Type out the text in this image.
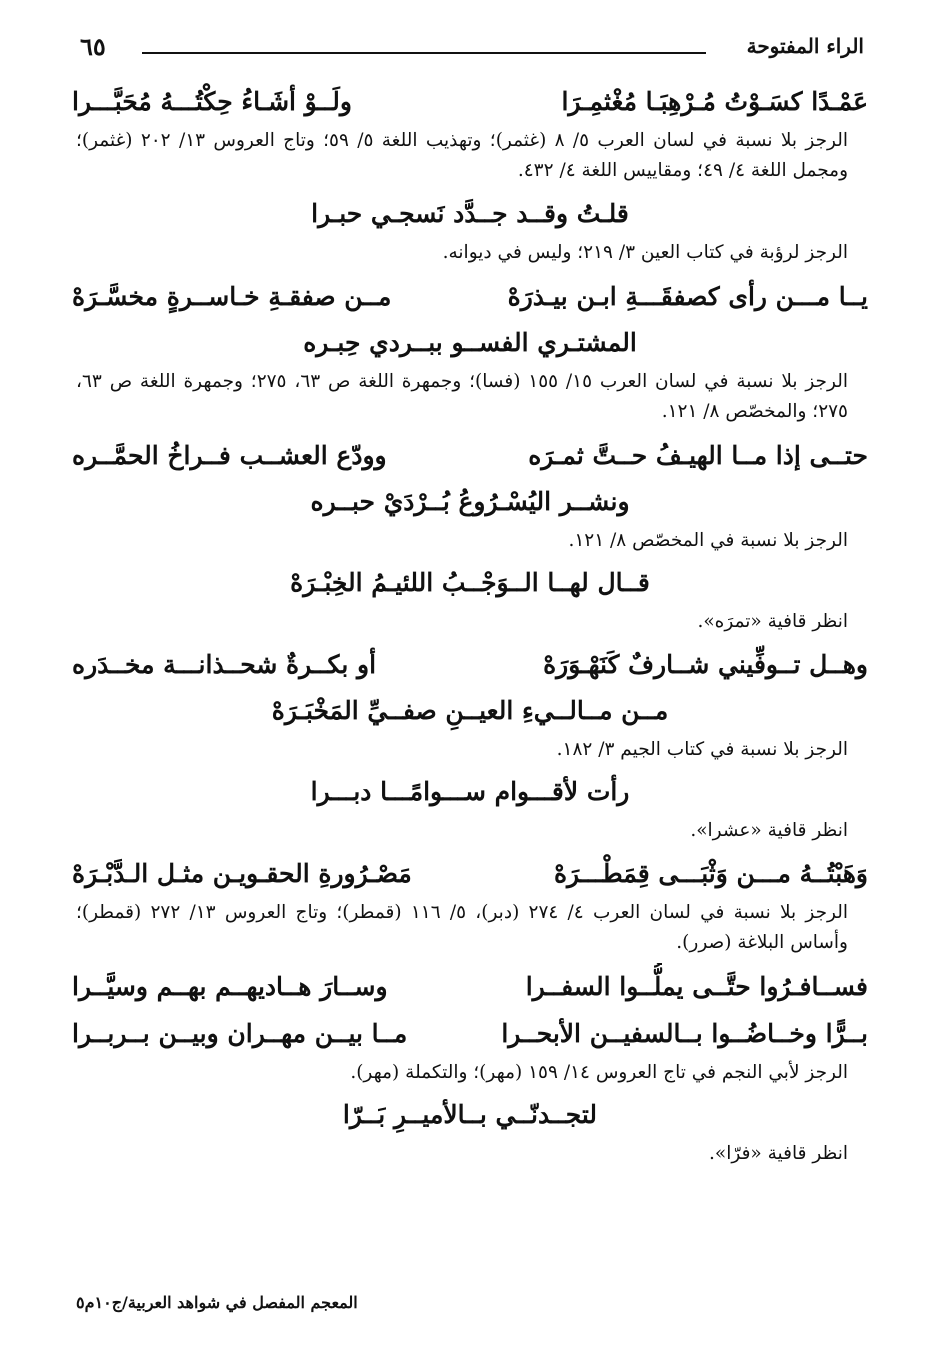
الراء المفتوحة
٦٥
عَمْـدًا كسَـوْتُ مُـرْهِبَـا مُغْثمِـرَا
ولَــوْ أشَـاءُ حِكْتُـــهُ مُحَبَّـــرا
الرجز بلا نسبة في لسان العرب ٥/ ٨ (غثمر)؛ وتهذيب اللغة ٥/ ٥٩؛ وتاج العروس ١٣/ ٢٠٢ (غثمر)؛ ومجمل اللغة ٤/ ٤٩؛ ومقاييس اللغة ٤/ ٤٣٢.
قلـتُ وقــد جــدَّد نَسجـي حبـرا
الرجز لرؤبة في كتاب العين ٣/ ٢١٩؛ وليس في ديوانه.
يــا مـــن رأى كصفقَـــةِ ابـن بيـذرَهْ
مــن صفقـةِ خـاســرةٍ مخسَّـرَهْ
المشتـري الفســو ببــردي حِبـره
الرجز بلا نسبة في لسان العرب ١٥/ ١٥٥ (فسا)؛ وجمهرة اللغة ص ٦٣، ٢٧٥؛ وجمهرة اللغة ص ٦٣، ٢٧٥؛ والمخصّص ٨/ ١٢١.
حتــى إذا مــا الهيـفُ حــتَّ ثمـرَه
وودّع العشــب فــراخُ الحمَّــره
ونشــر اليُسْـرُوعُ بُــرْدَيْ حبــره
الرجز بلا نسبة في المخصّص ٨/ ١٢١.
قــال لهــا الــوَجْــبُ اللئيـمُ الخِبْـرَهْ
انظر قافية «تمرَه».
وهــل تــوفِّيني شــارفٌ كَنَهْـوَرَهْ
أو بكــرةٌ شحــذانـــة مخــدَره
مــن مــالــيءِ العيــنِ صفــيِّ المَخْبَـرَهْ
الرجز بلا نسبة في كتاب الجيم ٣/ ١٨٢.
رأت لأقـــوام ســـوامًـــا دبـــرا
انظر قافية «عشرا».
وَهَبْتُــهُ مـــن وَثْبَـــى قِمَطْـــرَهْ
مَصْـرُورةِ الحقـويـن مثـل الـدَّبْـرَهْ
الرجز بلا نسبة في لسان العرب ٤/ ٢٧٤ (دبر)، ٥/ ١١٦ (قمطر)؛ وتاج العروس ١٣/ ٢٧٢ (قمطر)؛ وأساس البلاغة (صرر).
فســافـرُوا حتَّــى يملُّــوا السفــرا
وســارَ هــاديهــم بهــم وسيَّــرا
بــرًّا وخــاضُــوا بــالسفيــن الأبحــرا
مــا بيــن مهــران وبيــن بــربــرا
الرجز لأبي النجم في تاج العروس ١٤/ ١٥٩ (مهر)؛ والتكملة (مهر).
لتجــدنّــي بــالأميــرِ بَــرّا
انظر قافية «فرّا».
المعجم المفصل في شواهد العربية/ج١٠م٥
